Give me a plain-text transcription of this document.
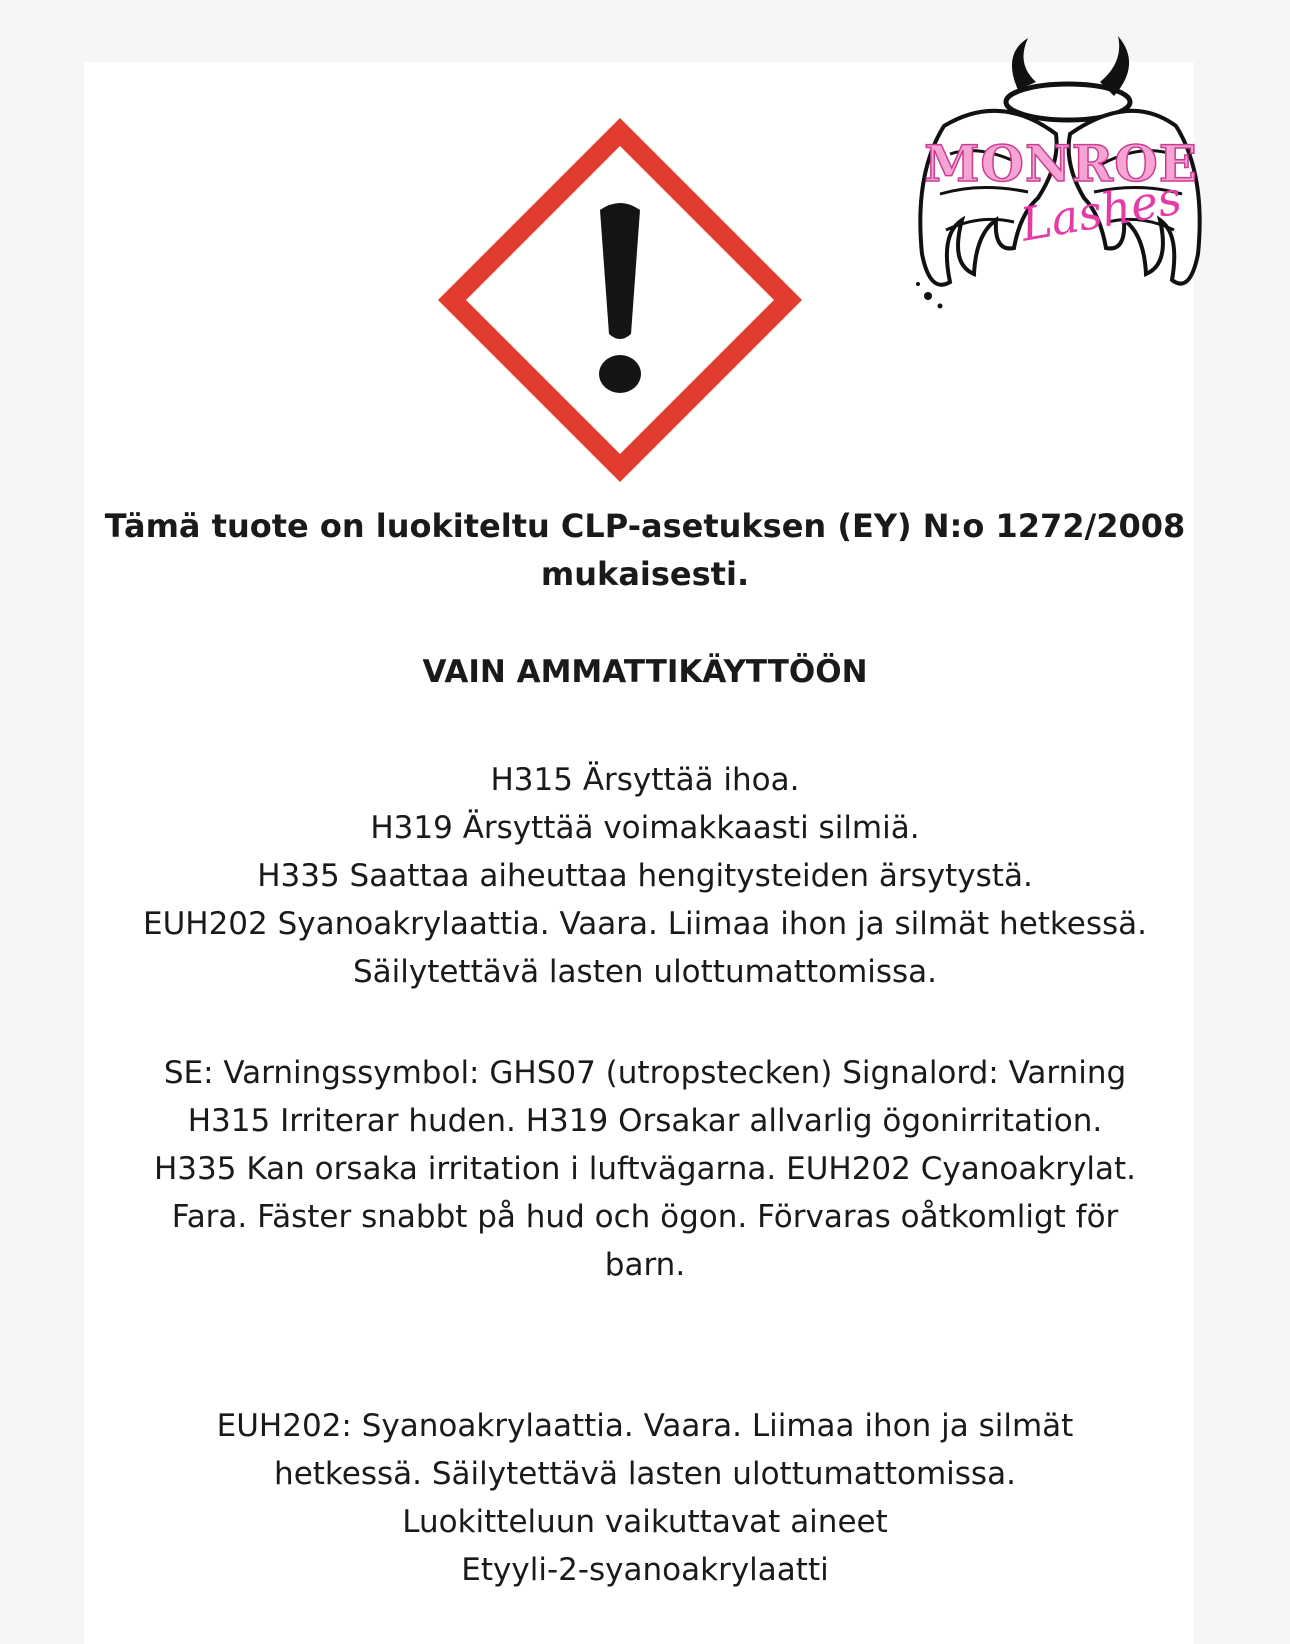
MONROE
Lashes
Tämä tuote on luokiteltu CLP-asetuksen (EY) N:o 1272/2008
mukaisesti.
VAIN AMMATTIKÄYTTÖÖN
H315 Ärsyttää ihoa.
H319 Ärsyttää voimakkaasti silmiä.
H335 Saattaa aiheuttaa hengitysteiden ärsytystä.
EUH202 Syanoakrylaattia. Vaara. Liimaa ihon ja silmät hetkessä.
Säilytettävä lasten ulottumattomissa.
SE: Varningssymbol: GHS07 (utropstecken) Signalord: Varning
H315 Irriterar huden. H319 Orsakar allvarlig ögonirritation.
H335 Kan orsaka irritation i luftvägarna. EUH202 Cyanoakrylat.
Fara. Fäster snabbt på hud och ögon. Förvaras oåtkomligt för
barn.
EUH202: Syanoakrylaattia. Vaara. Liimaa ihon ja silmät
hetkessä. Säilytettävä lasten ulottumattomissa.
Luokitteluun vaikuttavat aineet
Etyyli-2-syanoakrylaatti
